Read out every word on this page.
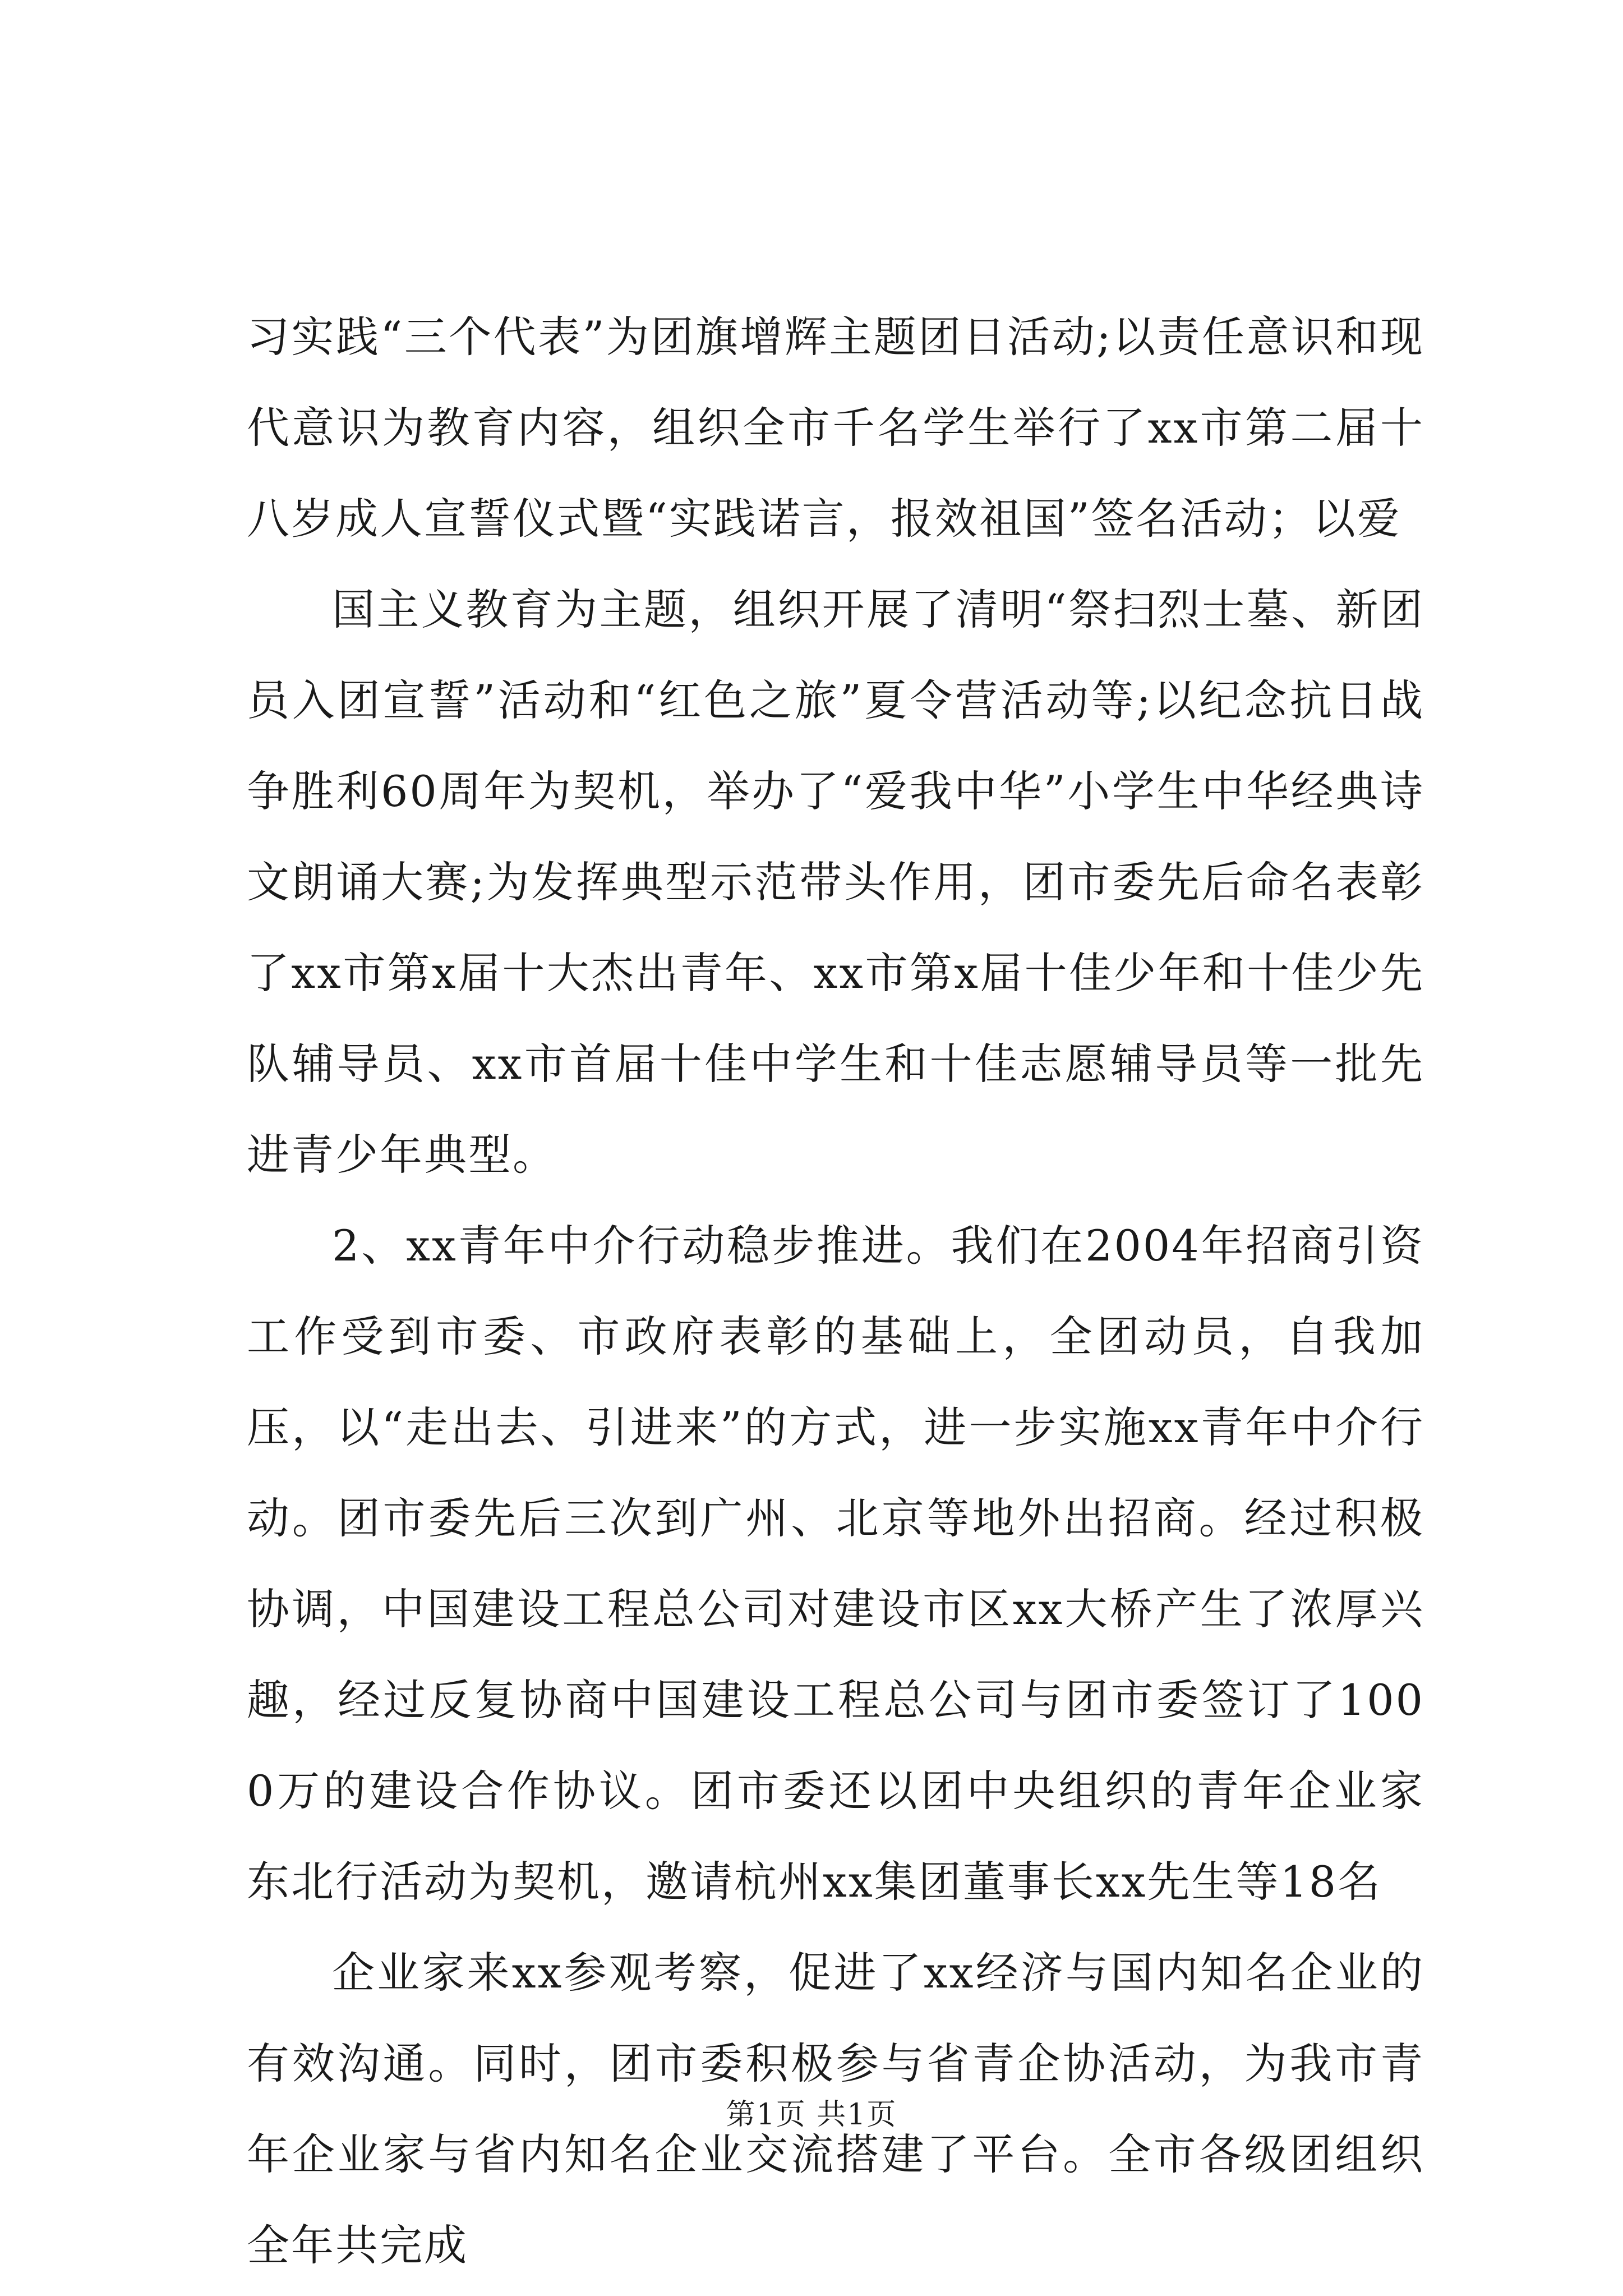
习实践“三个代表”为团旗增辉主题团日活动;以责任意识和现代意识为教育内容，组织全市千名学生举行了xx市第二届十八岁成人宣誓仪式暨“实践诺言，报效祖国”签名活动；以爱

国主义教育为主题，组织开展了清明“祭扫烈士墓、新团员入团宣誓”活动和“红色之旅”夏令营活动等;以纪念抗日战争胜利60周年为契机，举办了“爱我中华”小学生中华经典诗文朗诵大赛;为发挥典型示范带头作用，团市委先后命名表彰了xx市第x届十大杰出青年、xx市第x届十佳少年和十佳少先队辅导员、xx市首届十佳中学生和十佳志愿辅导员等一批先进青少年典型。

2、xx青年中介行动稳步推进。我们在2004年招商引资工作受到市委、市政府表彰的基础上，全团动员，自我加压，以“走出去、引进来”的方式，进一步实施xx青年中介行动。团市委先后三次到广州、北京等地外出招商。经过积极协调，中国建设工程总公司对建设市区xx大桥产生了浓厚兴趣，经过反复协商中国建设工程总公司与团市委签订了1000万的建设合作协议。团市委还以团中央组织的青年企业家东北行活动为契机，邀请杭州xx集团董事长xx先生等18名

企业家来xx参观考察，促进了xx经济与国内知名企业的有效沟通。同时，团市委积极参与省青企协活动，为我市青年企业家与省内知名企业交流搭建了平台。全市各级团组织全年共完成

第1页 共1页
